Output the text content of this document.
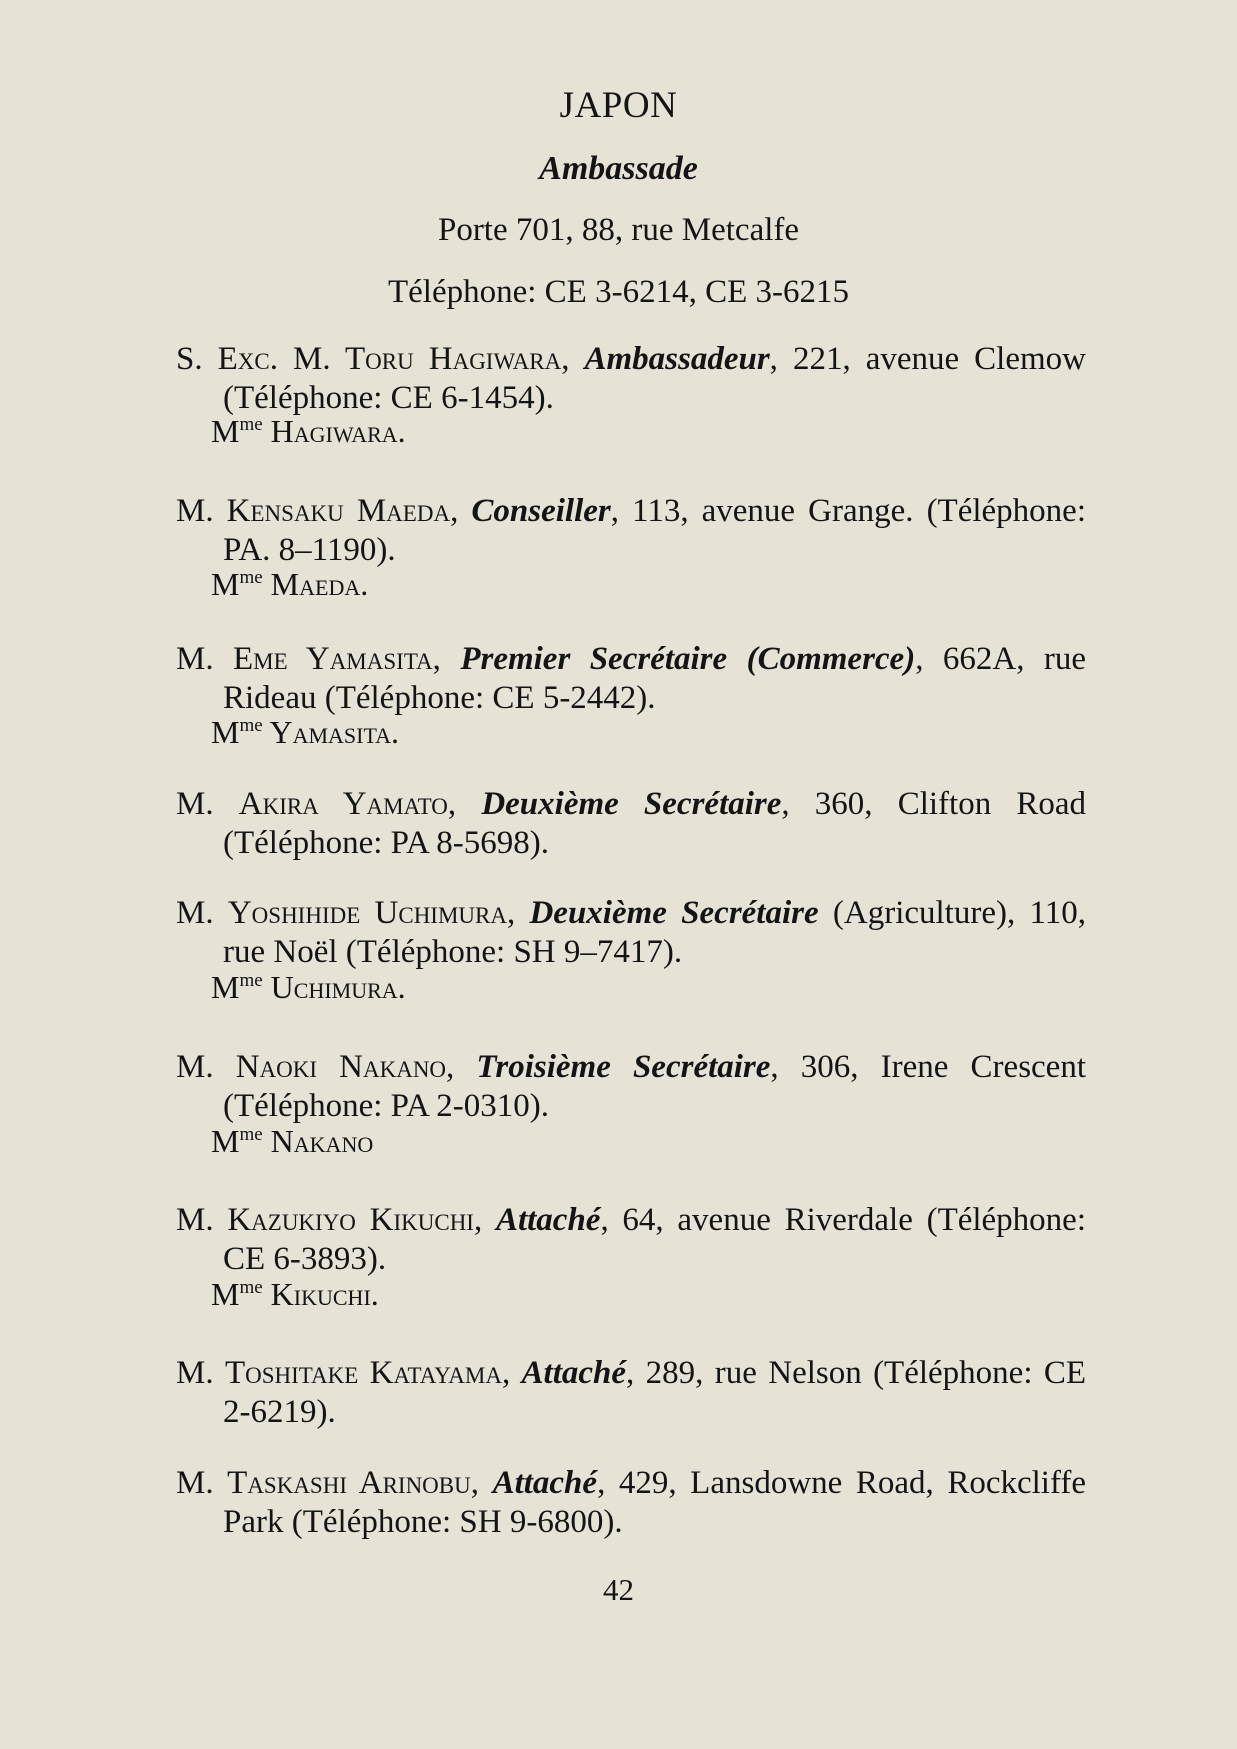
JAPON
Ambassade
Porte 701, 88, rue Metcalfe
Téléphone: CE 3-6214, CE 3-6215

S. Exc. M. Toru Hagiwara, Ambassadeur, 221, avenue Clemow (Téléphone: CE 6-1454).

$M^{me}$ Hagiwara.

M. Kensaku Maeda, Conseiller, 113, avenue Grange. (Téléphone: PA. 8–1190).

$M^{me}$ Maeda.

M. Eme Yamasita, Premier Secrétaire (Commerce), 662A, rue Rideau (Téléphone: CE 5-2442).

$M^{me}$ Yamasita.

M. Akira Yamato, Deuxième Secrétaire, 360, Clifton Road (Téléphone: PA 8-5698).

M. Yoshihide Uchimura, Deuxième Secrétaire (Agriculture), 110, rue Noël (Téléphone: SH 9–7417).

$M^{me}$ Uchimura.

M. Naoki Nakano, Troisième Secrétaire, 306, Irene Crescent (Téléphone: PA 2-0310).

$M^{me}$ Nakano

M. Kazukiyo Kikuchi, Attaché, 64, avenue Riverdale (Téléphone: CE 6-3893).

$M^{me}$ Kikuchi.

M. Toshitake Katayama, Attaché, 289, rue Nelson (Téléphone: CE 2-6219).

M. Taskashi Arinobu, Attaché, 429, Lansdowne Road, Rockcliffe Park (Téléphone: SH 9-6800).

42
